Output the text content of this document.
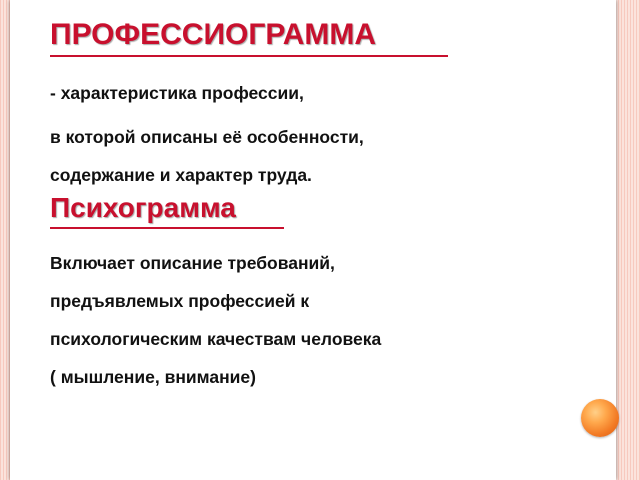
ПРОФЕССИОГРАММА
- характеристика профессии,
в которой описаны её особенности,
содержание и характер труда.
Психограмма
Включает описание требований,
предъявлемых профессией к
психологическим качествам человека
( мышление, внимание)
